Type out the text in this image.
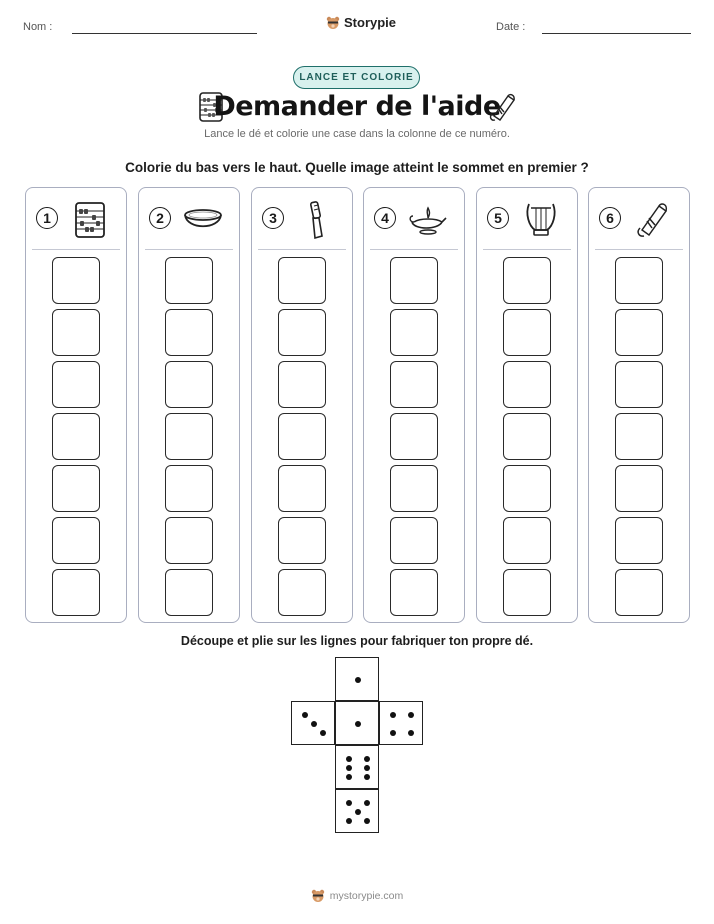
Nom :	Storypie	Date :
LANCE ET COLORIE
Demander de l'aide
Lance le dé et colorie une case dans la colonne de ce numéro.
Colorie du bas vers le haut. Quelle image atteint le sommet en premier ?
1	2	3	4	5	6
Découpe et plie sur les lignes pour fabriquer ton propre dé.
mystorypie.com
